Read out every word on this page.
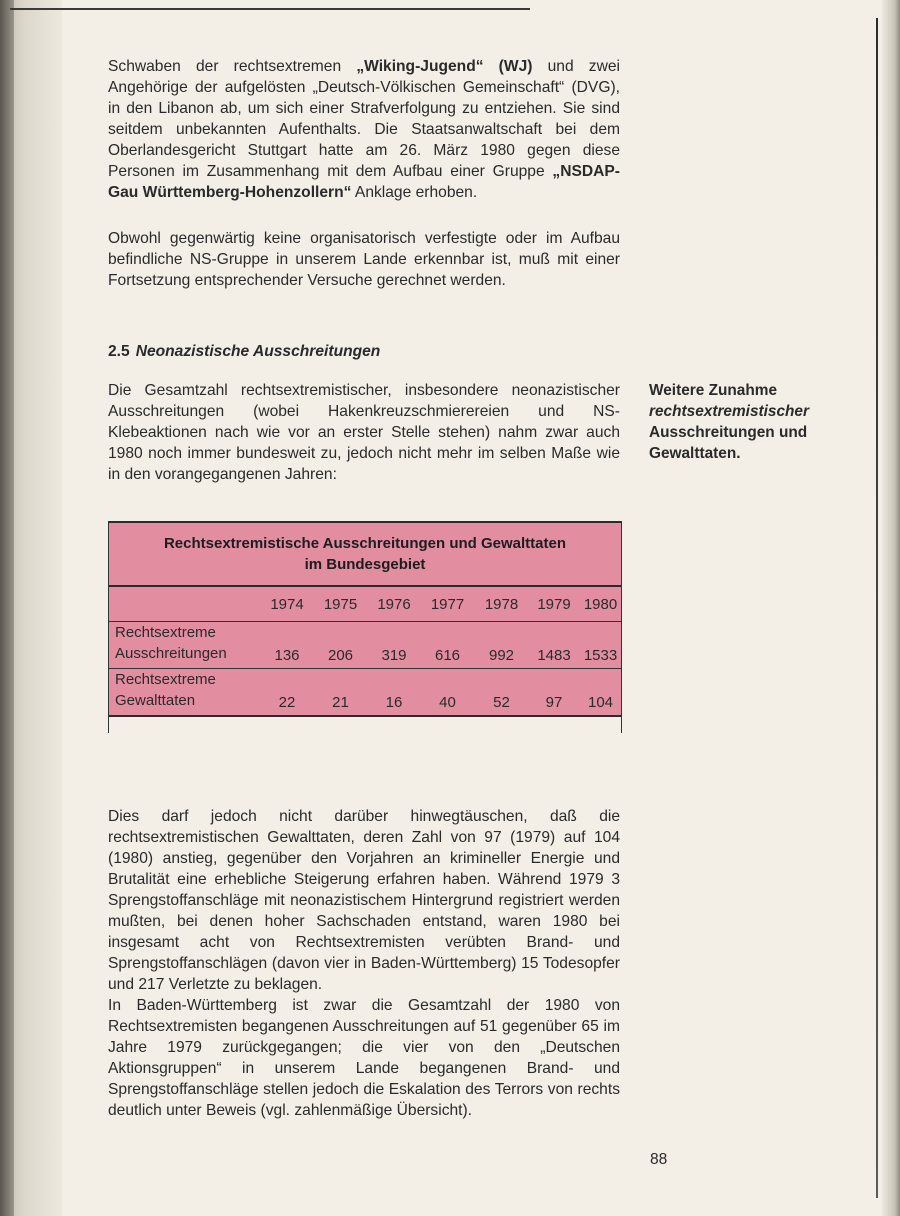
Schwaben der rechtsextremen „Wiking-Jugend“ (WJ) und zwei Angehörige der aufgelösten „Deutsch-Völkischen Gemeinschaft“ (DVG), in den Libanon ab, um sich einer Strafverfolgung zu entziehen. Sie sind seitdem unbekannten Aufenthalts. Die Staatsanwaltschaft bei dem Oberlandesgericht Stuttgart hatte am 26. März 1980 gegen diese Personen im Zusammenhang mit dem Aufbau einer Gruppe „NSDAP-Gau Württemberg-Hohenzollern“ Anklage erhoben.

Obwohl gegenwärtig keine organisatorisch verfestigte oder im Aufbau befindliche NS-Gruppe in unserem Lande erkennbar ist, muß mit einer Fortsetzung entsprechender Versuche gerechnet werden.

2.5 Neonazistische Ausschreitungen

Die Gesamtzahl rechtsextremistischer, insbesondere neonazistischer Ausschreitungen (wobei Hakenkreuzschmierereien und NS-Klebeaktionen nach wie vor an erster Stelle stehen) nahm zwar auch 1980 noch immer bundesweit zu, jedoch nicht mehr im selben Maße wie in den vorangegangenen Jahren:

Weitere Zunahme
rechtsextremistischer
Ausschreitungen und
Gewalttaten.

Rechtsextremistische Ausschreitungen und Gewalttaten
im Bundesgebiet							

	1974	1975	1976	1977	1978	1979	1980

Rechtsextreme
Ausschreitungen	136	206	319	616	992	1483	1533

Rechtsextreme
Gewalttaten	22	21	16	40	52	97	104
Dies darf jedoch nicht darüber hinwegtäuschen, daß die rechtsextremistischen Gewalttaten, deren Zahl von 97 (1979) auf 104 (1980) anstieg, gegenüber den Vorjahren an krimineller Energie und Brutalität eine erhebliche Steigerung erfahren haben. Während 1979 3 Sprengstoffanschläge mit neonazistischem Hintergrund registriert werden mußten, bei denen hoher Sachschaden entstand, waren 1980 bei insgesamt acht von Rechtsextremisten verübten Brand- und Sprengstoffanschlägen (davon vier in Baden-Württemberg) 15 Todesopfer und 217 Verletzte zu beklagen.
In Baden-Württemberg ist zwar die Gesamtzahl der 1980 von Rechtsextremisten begangenen Ausschreitungen auf 51 gegenüber 65 im Jahre 1979 zurückgegangen; die vier von den „Deutschen Aktionsgruppen“ in unserem Lande begangenen Brand- und Sprengstoffanschläge stellen jedoch die Eskalation des Terrors von rechts deutlich unter Beweis (vgl. zahlenmäßige Übersicht).

88
